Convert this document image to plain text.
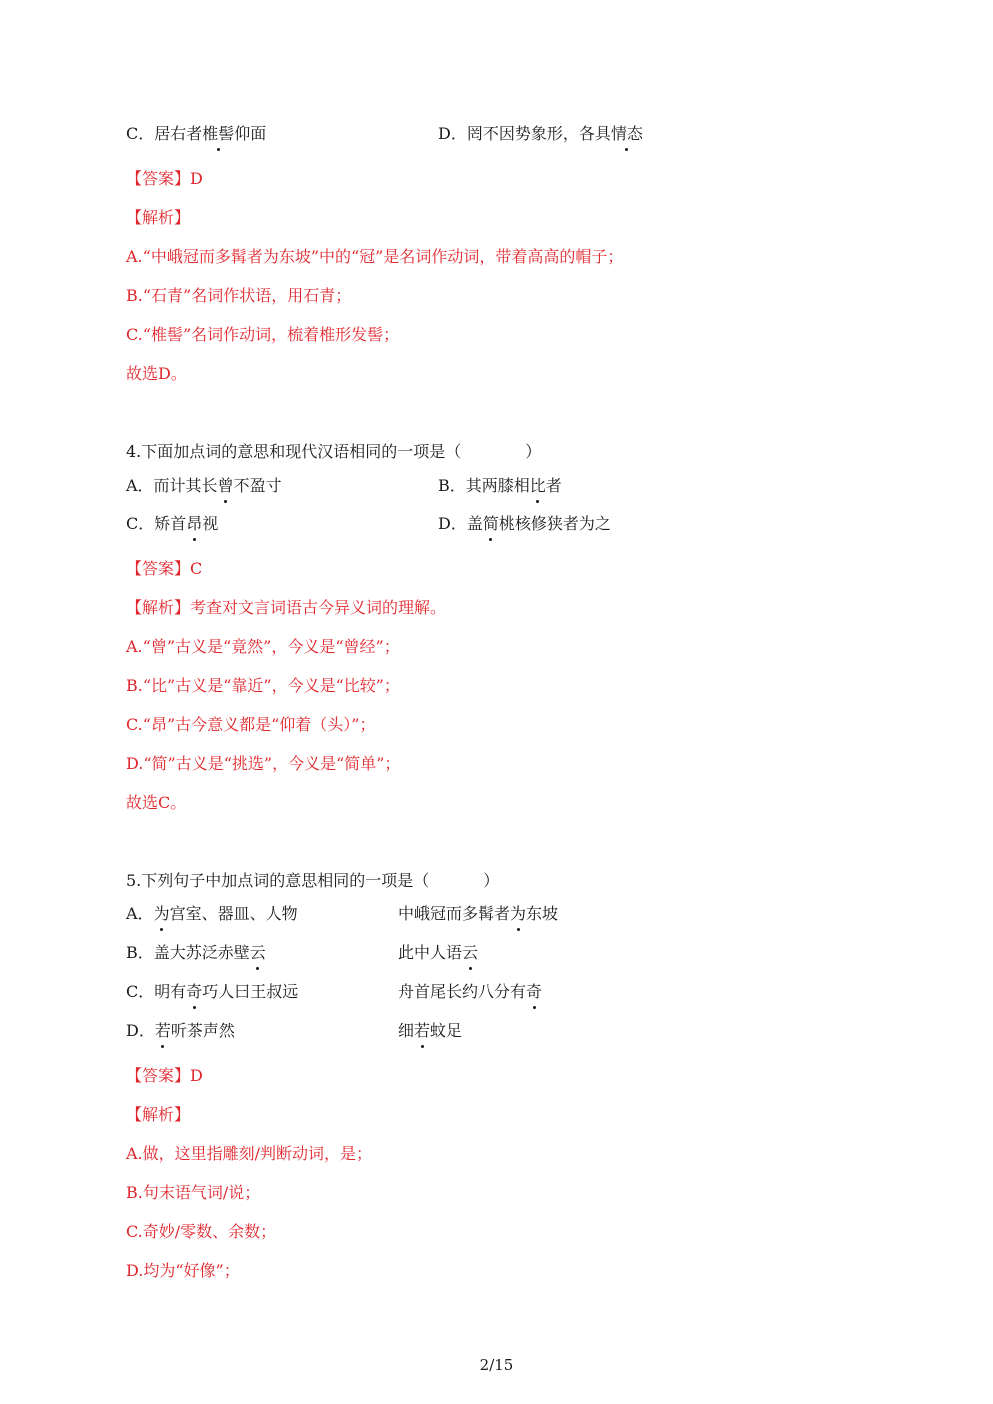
C．居右者椎髻仰面	D．罔不因势象形，各具情态
【答案】D
【解析】
A.“中峨冠而多髯者为东坡”中的“冠”是名词作动词，带着高高的帽子；
B.“石青”名词作状语，用石青；
C.“椎髻”名词作动词，梳着椎形发髻；
故选D。
4.下面加点词的意思和现代汉语相同的一项是（	）
A．而计其长曾不盈寸	B．其两膝相比者
C．矫首昂视	D．盖简桃核修狭者为之
【答案】C
【解析】考查对文言词语古今异义词的理解。
A.“曾”古义是“竟然”，今义是“曾经”；
B.“比”古义是“靠近”，今义是“比较”；
C.“昂”古今意义都是“仰着（头）”；
D.“简”古义是“挑选”，今义是“简单”；
故选C。
5.下列句子中加点词的意思相同的一项是（	）
A．为宫室、器皿、人物	中峨冠而多髯者为东坡
B．盖大苏泛赤壁云	此中人语云
C．明有奇巧人曰王叔远	舟首尾长约八分有奇
D．若听茶声然	细若蚊足
【答案】D
【解析】
A.做，这里指雕刻/判断动词，是；
B.句末语气词/说；
C.奇妙/零数、余数；
D.均为“好像”；
2/15
